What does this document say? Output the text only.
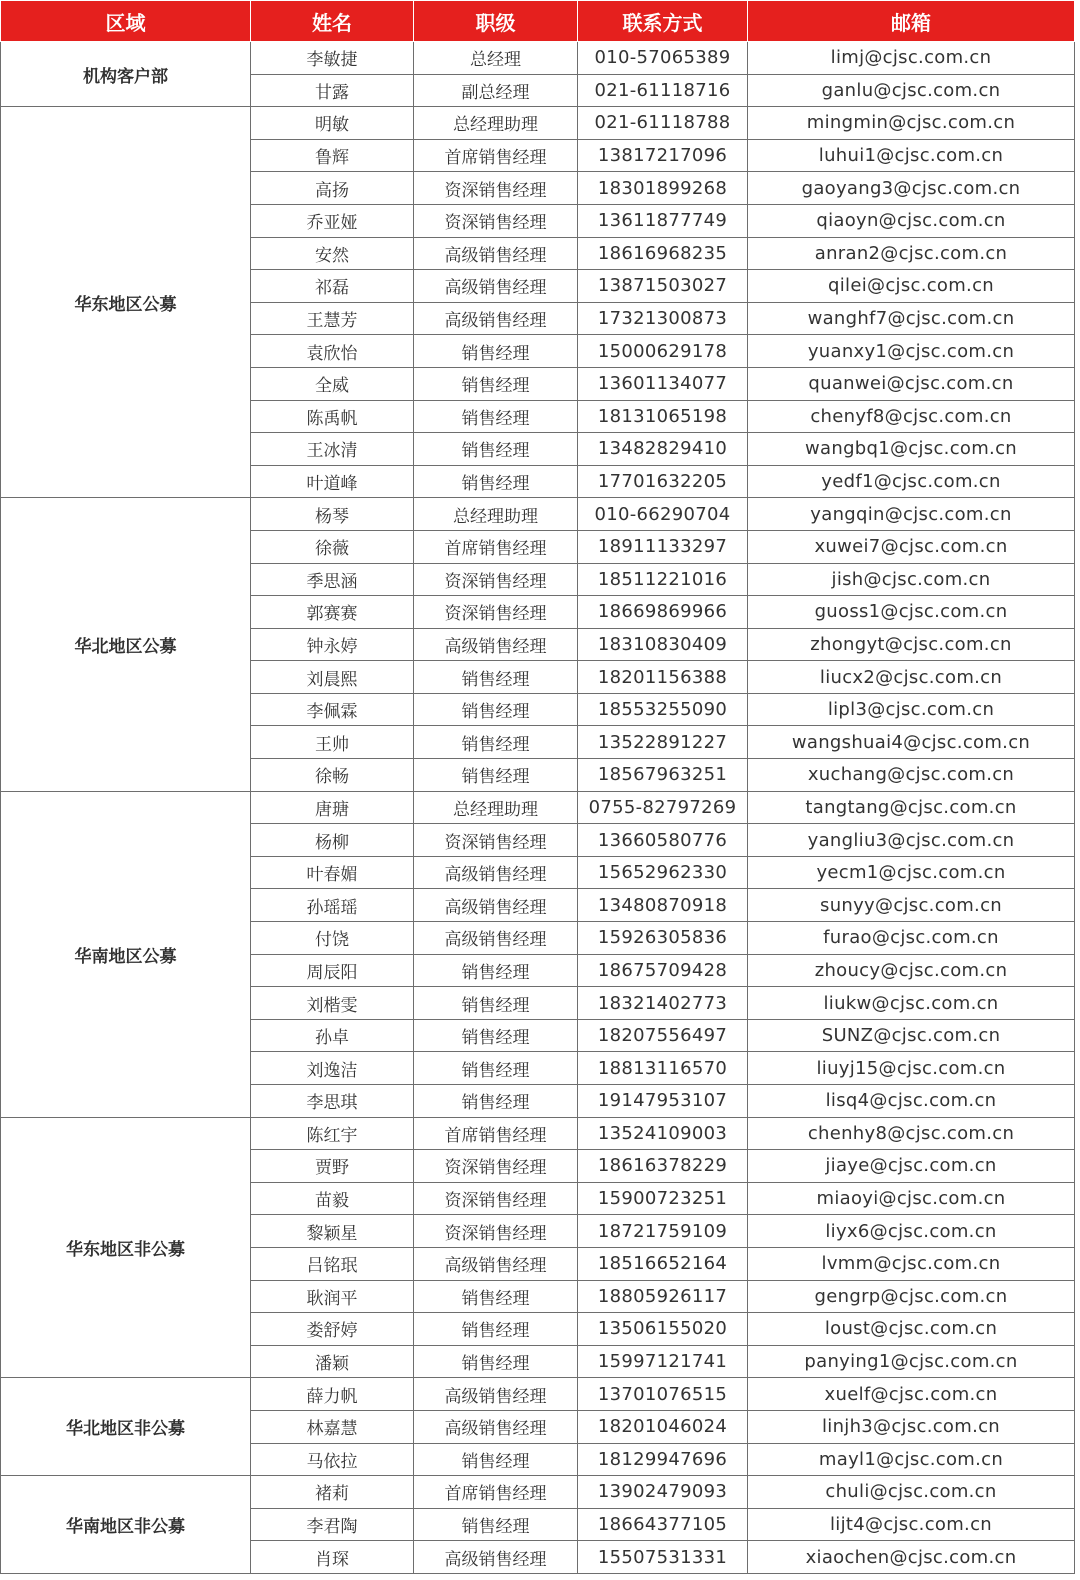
区域	姓名	职级	联系方式	邮箱
机构客户部	李敏捷	总经理	010-57065389	limj@cjsc.com.cn
	甘露	副总经理	021-61118716	ganlu@cjsc.com.cn
华东地区公募	明敏	总经理助理	021-61118788	mingmin@cjsc.com.cn
	鲁辉	首席销售经理	13817217096	luhui1@cjsc.com.cn
	高扬	资深销售经理	18301899268	gaoyang3@cjsc.com.cn
	乔亚娅	资深销售经理	13611877749	qiaoyn@cjsc.com.cn
	安然	高级销售经理	18616968235	anran2@cjsc.com.cn
	祁磊	高级销售经理	13871503027	qilei@cjsc.com.cn
	王慧芳	高级销售经理	17321300873	wanghf7@cjsc.com.cn
	袁欣怡	销售经理	15000629178	yuanxy1@cjsc.com.cn
	全威	销售经理	13601134077	quanwei@cjsc.com.cn
	陈禹帆	销售经理	18131065198	chenyf8@cjsc.com.cn
	王冰清	销售经理	13482829410	wangbq1@cjsc.com.cn
	叶道峰	销售经理	17701632205	yedf1@cjsc.com.cn
华北地区公募	杨琴	总经理助理	010-66290704	yangqin@cjsc.com.cn
	徐薇	首席销售经理	18911133297	xuwei7@cjsc.com.cn
	季思涵	资深销售经理	18511221016	jish@cjsc.com.cn
	郭赛赛	资深销售经理	18669869966	guoss1@cjsc.com.cn
	钟永婷	高级销售经理	18310830409	zhongyt@cjsc.com.cn
	刘晨熙	销售经理	18201156388	liucx2@cjsc.com.cn
	李佩霖	销售经理	18553255090	lipl3@cjsc.com.cn
	王帅	销售经理	13522891227	wangshuai4@cjsc.com.cn
	徐畅	销售经理	18567963251	xuchang@cjsc.com.cn
华南地区公募	唐瑭	总经理助理	0755-82797269	tangtang@cjsc.com.cn
	杨柳	资深销售经理	13660580776	yangliu3@cjsc.com.cn
	叶春媚	高级销售经理	15652962330	yecm1@cjsc.com.cn
	孙瑶瑶	高级销售经理	13480870918	sunyy@cjsc.com.cn
	付饶	高级销售经理	15926305836	furao@cjsc.com.cn
	周辰阳	销售经理	18675709428	zhoucy@cjsc.com.cn
	刘楷雯	销售经理	18321402773	liukw@cjsc.com.cn
	孙卓	销售经理	18207556497	SUNZ@cjsc.com.cn
	刘逸洁	销售经理	18813116570	liuyj15@cjsc.com.cn
	李思琪	销售经理	19147953107	lisq4@cjsc.com.cn
华东地区非公募	陈红宇	首席销售经理	13524109003	chenhy8@cjsc.com.cn
	贾野	资深销售经理	18616378229	jiaye@cjsc.com.cn
	苗毅	资深销售经理	15900723251	miaoyi@cjsc.com.cn
	黎颖星	资深销售经理	18721759109	liyx6@cjsc.com.cn
	吕铭珉	高级销售经理	18516652164	lvmm@cjsc.com.cn
	耿润平	销售经理	18805926117	gengrp@cjsc.com.cn
	娄舒婷	销售经理	13506155020	loust@cjsc.com.cn
	潘颖	销售经理	15997121741	panying1@cjsc.com.cn
华北地区非公募	薛力帆	高级销售经理	13701076515	xuelf@cjsc.com.cn
	林嘉慧	高级销售经理	18201046024	linjh3@cjsc.com.cn
	马依拉	销售经理	18129947696	mayl1@cjsc.com.cn
华南地区非公募	褚莉	首席销售经理	13902479093	chuli@cjsc.com.cn
	李君陶	销售经理	18664377105	lijt4@cjsc.com.cn
	肖琛	高级销售经理	15507531331	xiaochen@cjsc.com.cn
